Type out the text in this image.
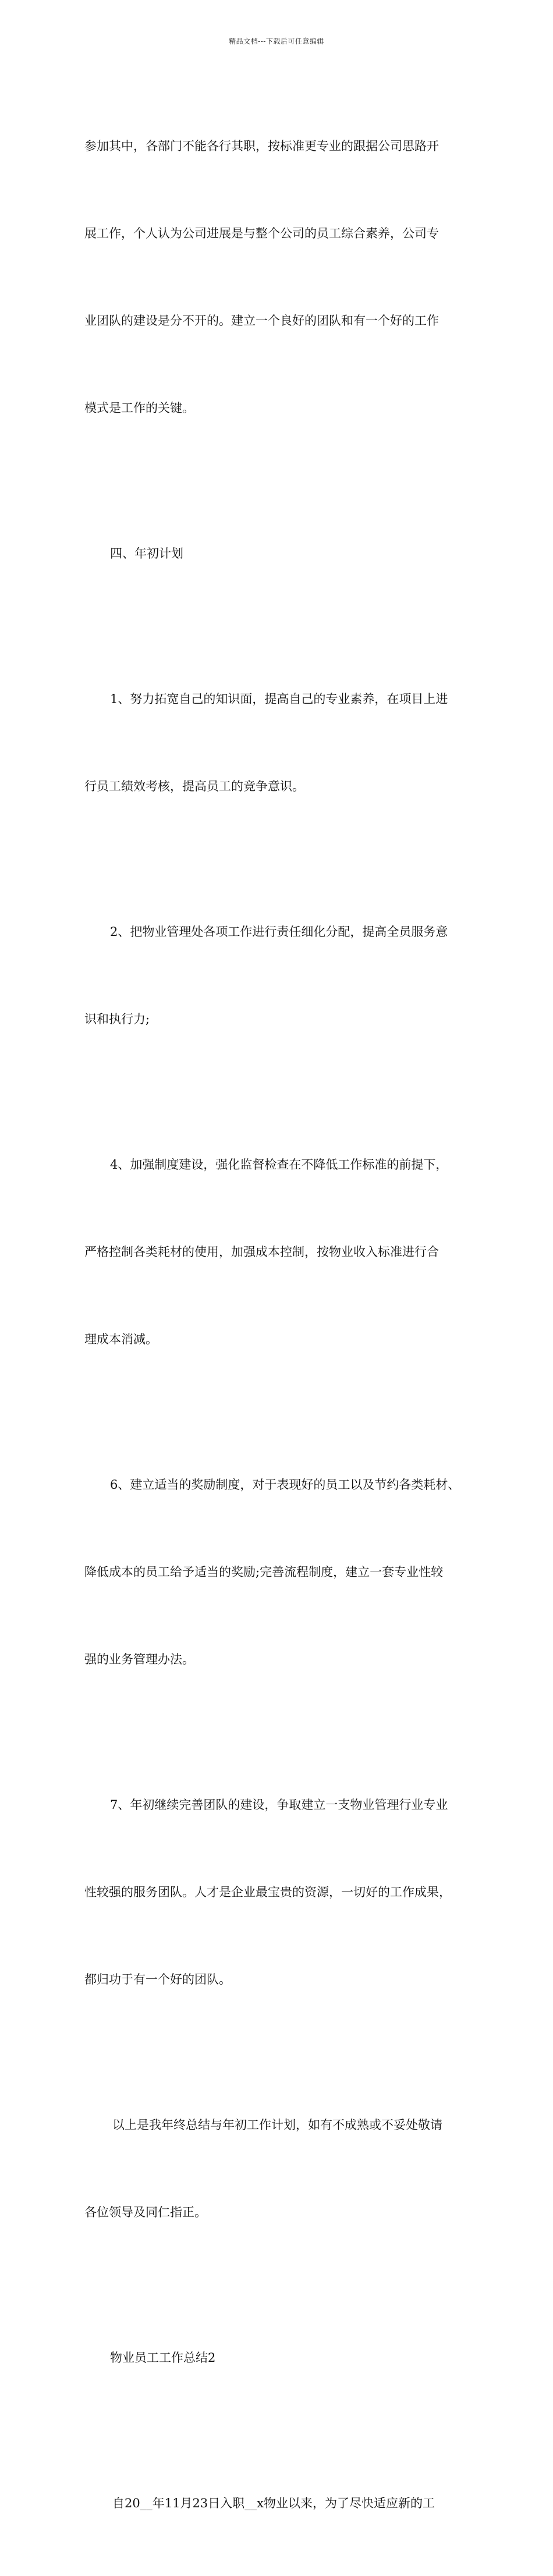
精品文档---下载后可任意编辑

参加其中，各部门不能各行其职，按标准更专业的跟据公司思路开

展工作，个人认为公司进展是与整个公司的员工综合素养，公司专

业团队的建设是分不开的。建立一个良好的团队和有一个好的工作

模式是工作的关键。

四、年初计划

1、努力拓宽自己的知识面，提高自己的专业素养，在项目上进

行员工绩效考核，提高员工的竞争意识。

2、把物业管理处各项工作进行责任细化分配，提高全员服务意

识和执行力;

4、加强制度建设，强化监督检查在不降低工作标准的前提下，

严格控制各类耗材的使用，加强成本控制，按物业收入标准进行合

理成本消减。

6、建立适当的奖励制度，对于表现好的员工以及节约各类耗材、

降低成本的员工给予适当的奖励;完善流程制度，建立一套专业性较

强的业务管理办法。

7、年初继续完善团队的建设，争取建立一支物业管理行业专业

性较强的服务团队。人才是企业最宝贵的资源，一切好的工作成果，

都归功于有一个好的团队。

以上是我年终总结与年初工作计划，如有不成熟或不妥处敬请

各位领导及同仁指正。

物业员工工作总结2

自20__年11月23日入职__x物业以来，为了尽快适应新的工
